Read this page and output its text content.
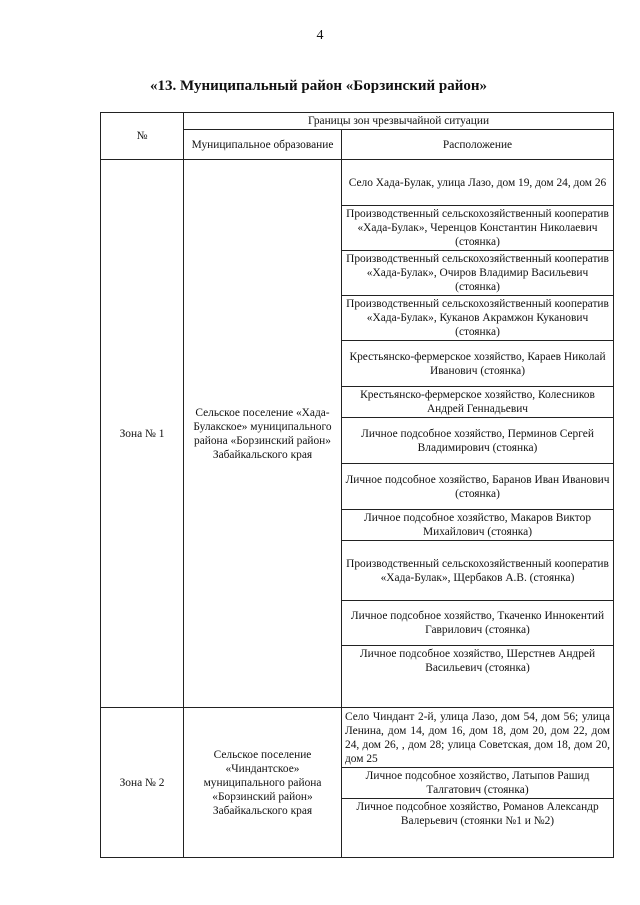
4
«13. Муниципальный район «Борзинский район»
№	Границы зон чрезвычайной ситуации	
	Муниципальное образование	Расположение
Зона № 1	Сельское поселение «Хада-Булакское» муниципального района «Борзинский район» Забайкальского края	Село Хада-Булак, улица Лазо, дом 19, дом 24, дом 26
		Производственный сельскохозяйственный кооператив «Хада-Булак», Черенцов Константин Николаевич (стоянка)
		Производственный сельскохозяйственный кооператив «Хада-Булак», Очиров Владимир Васильевич (стоянка)
		Производственный сельскохозяйственный кооператив «Хада-Булак», Куканов Акрамжон Куканович (стоянка)
		Крестьянско-фермерское хозяйство, Караев Николай Иванович (стоянка)
		Крестьянско-фермерское хозяйство, Колесников Андрей Геннадьевич
		Личное подсобное хозяйство, Перминов Сергей Владимирович (стоянка)
		Личное подсобное хозяйство, Баранов Иван Иванович (стоянка)
		Личное подсобное хозяйство, Макаров Виктор Михайлович (стоянка)
		Производственный сельскохозяйственный кооператив «Хада-Булак», Щербаков А.В. (стоянка)
		Личное подсобное хозяйство, Ткаченко Иннокентий Гаврилович (стоянка)
		Личное подсобное хозяйство, Шерстнев Андрей Васильевич (стоянка)
Зона № 2	Сельское поселение «Чиндантское» муниципального района «Борзинский район» Забайкальского края	Село Чиндант 2-й, улица Лазо, дом 54, дом 56; улица Ленина, дом 14, дом 16, дом 18, дом 20, дом 22, дом 24, дом 26, , дом 28; улица Советская, дом 18, дом 20, дом 25
		Личное подсобное хозяйство, Латыпов Рашид Талгатович (стоянка)
		Личное подсобное хозяйство, Романов Александр Валерьевич (стоянки №1 и №2)
